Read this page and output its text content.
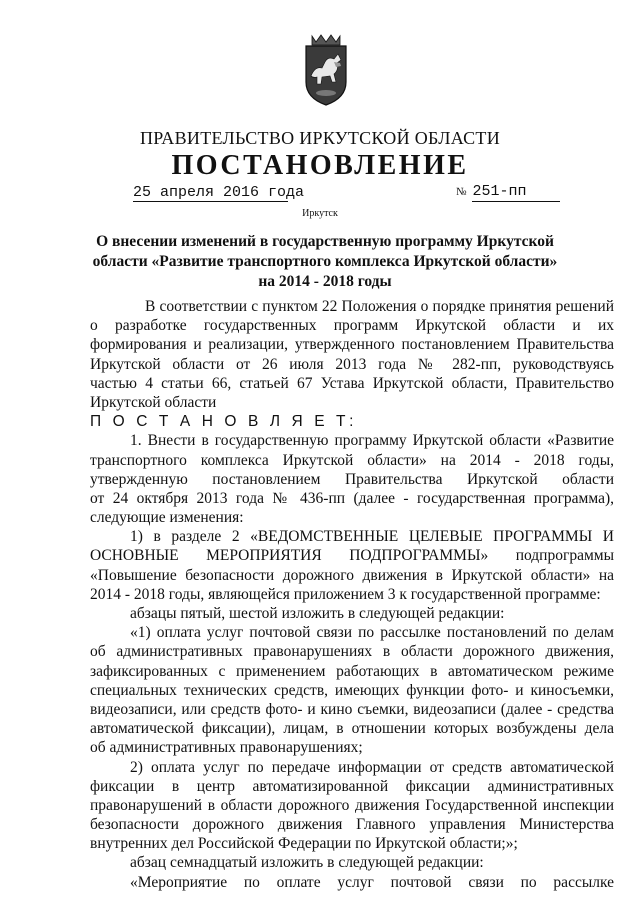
ПРАВИТЕЛЬСТВО ИРКУТСКОЙ ОБЛАСТИ
ПОСТАНОВЛЕНИЕ
25 апреля 2016 года	№ 251-пп
Иркутск
О внесении изменений в государственную программу Иркутской
области «Развитие транспортного комплекса Иркутской области»
на 2014 - 2018 годы
В соответствии с пунктом 22 Положения о порядке принятия решений
о разработке государственных программ Иркутской области и их
формирования и реализации, утвержденного постановлением Правительства
Иркутской области от 26 июля 2013 года № 282-пп, руководствуясь
частью 4 статьи 66, статьей 67 Устава Иркутской области, Правительство
Иркутской области
П О С Т А Н О В Л Я Е Т:
1. Внести в государственную программу Иркутской области «Развитие
транспортного комплекса Иркутской области» на 2014 - 2018 годы,
утвержденную постановлением Правительства Иркутской области
от 24 октября 2013 года № 436-пп (далее - государственная программа),
следующие изменения:
1) в разделе 2 «ВЕДОМСТВЕННЫЕ ЦЕЛЕВЫЕ ПРОГРАММЫ И
ОСНОВНЫЕ МЕРОПРИЯТИЯ ПОДПРОГРАММЫ» подпрограммы
«Повышение безопасности дорожного движения в Иркутской области» на
2014 - 2018 годы, являющейся приложением 3 к государственной программе:
абзацы пятый, шестой изложить в следующей редакции:
«1) оплата услуг почтовой связи по рассылке постановлений по делам
об административных правонарушениях в области дорожного движения,
зафиксированных с применением работающих в автоматическом режиме
специальных технических средств, имеющих функции фото- и киносъемки,
видеозаписи, или средств фото- и кино съемки, видеозаписи (далее - средства
автоматической фиксации), лицам, в отношении которых возбуждены дела
об административных правонарушениях;
2) оплата услуг по передаче информации от средств автоматической
фиксации в центр автоматизированной фиксации административных
правонарушений в области дорожного движения Государственной инспекции
безопасности дорожного движения Главного управления Министерства
внутренних дел Российской Федерации по Иркутской области;»;
абзац семнадцатый изложить в следующей редакции:
«Мероприятие по оплате услуг почтовой связи по рассылке
